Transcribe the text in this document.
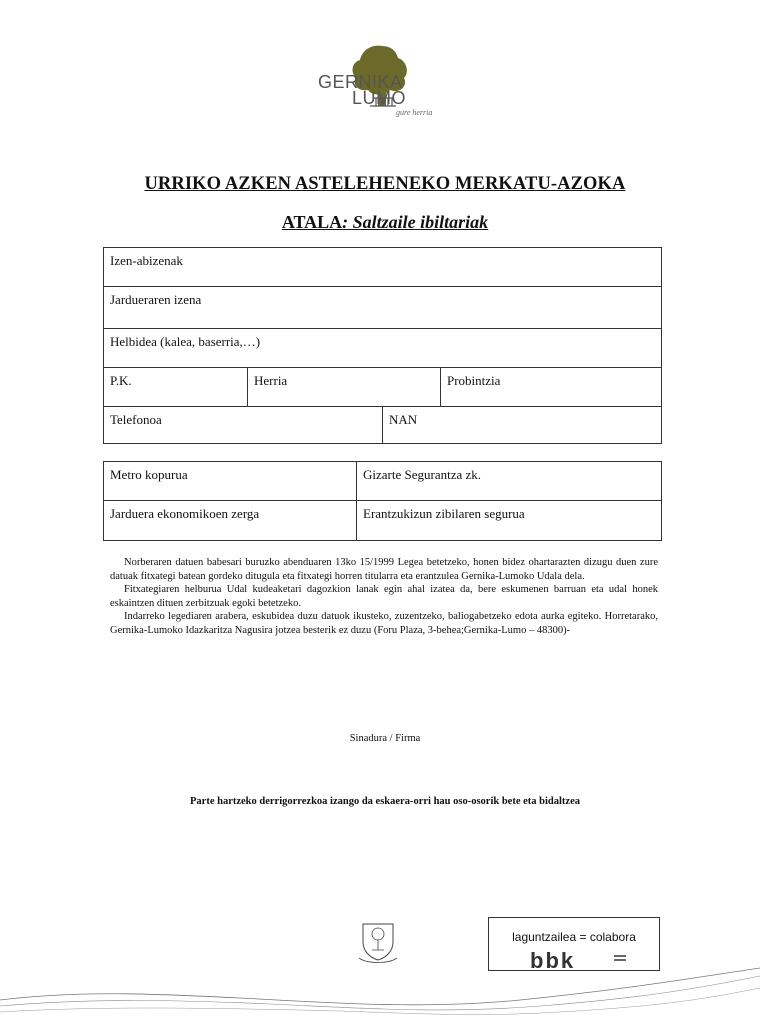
GERNIKA
LUMO
gure herria
URRIKO AZKEN ASTELEHENEKO MERKATU-AZOKA
ATALA: Saltzaile ibiltariak
Izen-abizenak
Jardueraren izena
Helbidea (kalea, baserria,…)
P.K.	Herria	Probintzia
Telefonoa	NAN
Metro kopurua	Gizarte Segurantza zk.
Jarduera ekonomikoen zerga	Erantzukizun zibilaren segurua

Norberaren datuen babesari buruzko abenduaren 13ko 15/1999 Legea betetzeko, honen bidez ohartarazten dizugu duen zure datuak fitxategi batean gordeko ditugula eta fitxategi horren titularra eta erantzulea Gernika-Lumoko Udala dela.

Fitxategiaren helburua Udal kudeaketari dagozkion lanak egin ahal izatea da, bere eskumenen barruan eta udal honek eskaintzen dituen zerbitzuak egoki betetzeko.

Indarreko legediaren arabera, eskubidea duzu datuok ikusteko, zuzentzeko, baliogabetzeko edota aurka egiteko. Horretarako, Gernika-Lumoko Idazkaritza Nagusira jotzea besterik ez duzu (Foru Plaza, 3-behea;Gernika-Lumo – 48300)-

Sinadura / Firma
Parte hartzeko derrigorrezkoa izango da eskaera-orri hau oso-osorik bete eta bidaltzea
laguntzailea = colabora
bbk
